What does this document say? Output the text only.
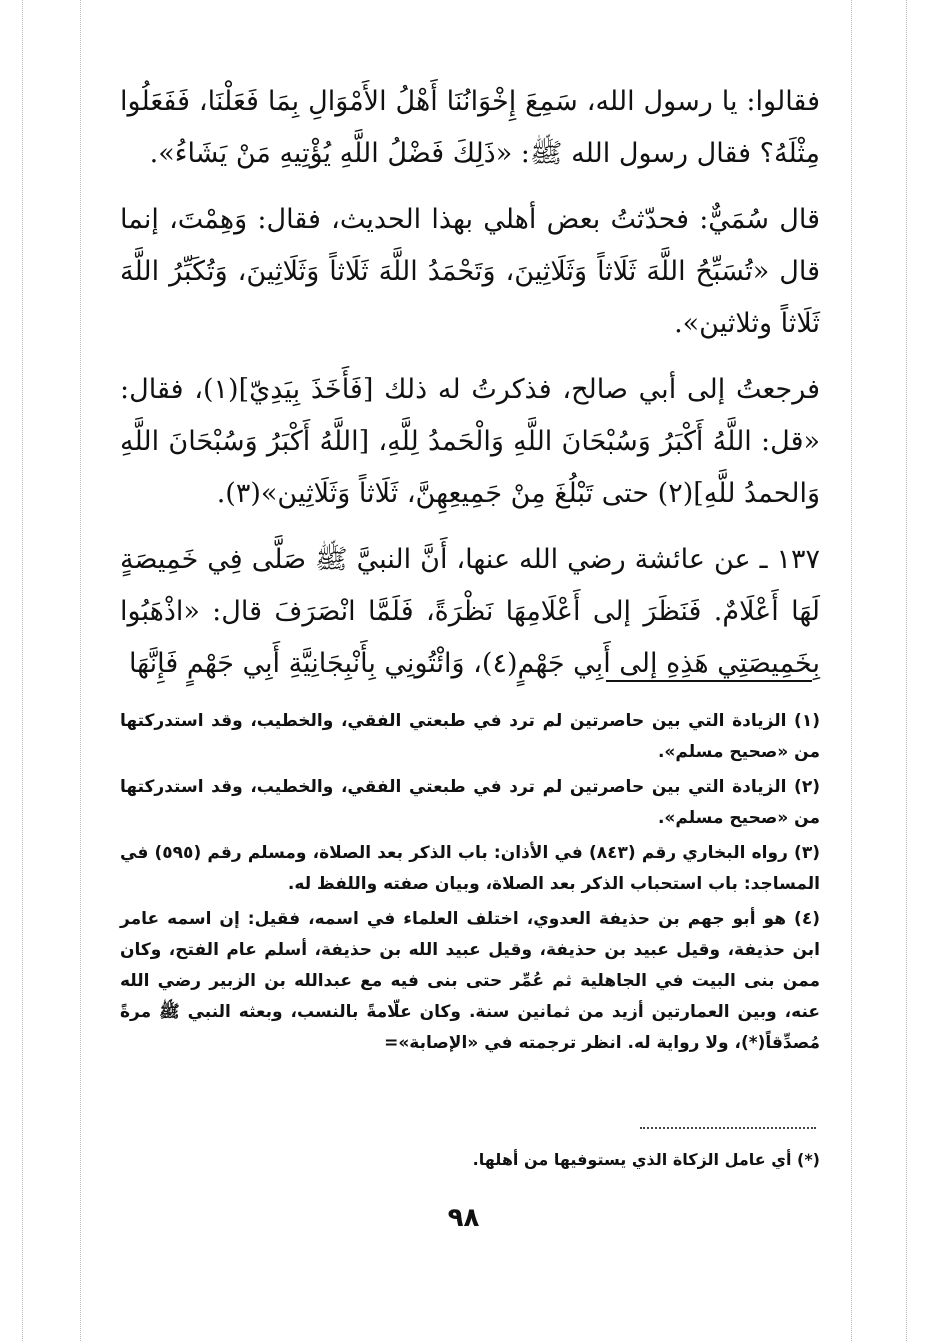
فقالوا: يا رسول الله، سَمِعَ إِخْوَانُنَا أَهْلُ الأَمْوَالِ بِمَا فَعَلْنَا، فَفَعَلُوا مِثْلَهُ؟ فقال رسول الله ﷺ: «ذَلِكَ فَضْلُ اللَّهِ يُؤْتِيهِ مَنْ يَشَاءُ».

قال سُمَيٌّ: فحدّثتُ بعض أهلي بهذا الحديث، فقال: وَهِمْتَ، إنما قال «تُسَبِّحُ اللَّهَ ثَلَاثاً وَثَلَاثِينَ، وَتَحْمَدُ اللَّهَ ثَلَاثاً وَثَلَاثِينَ، وَتُكَبِّرُ اللَّهَ ثَلَاثاً وثلاثين».

فرجعتُ إلى أبي صالح، فذكرتُ له ذلك [فَأَخَذَ بِيَدِيّ](١)، فقال: «قل: اللَّهُ أَكْبَرُ وَسُبْحَانَ اللَّهِ وَالْحَمدُ لِلَّهِ، [اللَّهُ أَكْبَرُ وَسُبْحَانَ اللَّهِ وَالحمدُ للَّهِ](٢) حتى تَبْلُغَ مِنْ جَمِيعِهِنَّ، ثَلَاثاً وَثَلَاثِين»(٣).

١٣٧ ـ عن عائشة رضي الله عنها، أَنَّ النبيَّ ﷺ صَلَّى فِي خَمِيصَةٍ لَهَا أَعْلَامٌ. فَنَظَرَ إلى أَعْلَامِهَا نَظْرَةً، فَلَمَّا انْصَرَفَ قال: «اذْهَبُوا بِخَمِيصَتِي هَذِهِ إلى أَبِي جَهْمٍ(٤)، وَائْتُونِي بِأَنْبِجَانِيَّةِ أَبِي جَهْمٍ فَإِنَّهَا

(١) الزيادة التي بين حاصرتين لم ترد في طبعتي الفقي، والخطيب، وقد استدركتها من «صحيح مسلم».

(٢) الزيادة التي بين حاصرتين لم ترد في طبعتي الفقي، والخطيب، وقد استدركتها من «صحيح مسلم».

(٣) رواه البخاري رقم (٨٤٣) في الأذان: باب الذكر بعد الصلاة، ومسلم رقم (٥٩٥) في المساجد: باب استحباب الذكر بعد الصلاة، وبيان صفته واللفظ له.

(٤) هو أبو جهم بن حذيفة العدوي، اختلف العلماء في اسمه، فقيل: إن اسمه عامر ابن حذيفة، وقيل عبيد بن حذيفة، وقيل عبيد الله بن حذيفة، أسلم عام الفتح، وكان ممن بنى البيت في الجاهلية ثم عُمِّر حتى بنى فيه مع عبدالله بن الزبير رضي الله عنه، وبين العمارتين أزيد من ثمانين سنة. وكان علّامةً بالنسب، وبعثه النبي ﷺ مرةً مُصدِّقاً(*)، ولا رواية له. انظر ترجمته في «الإصابة»=

(*) أي عامل الزكاة الذي يستوفيها من أهلها.
٩٨
